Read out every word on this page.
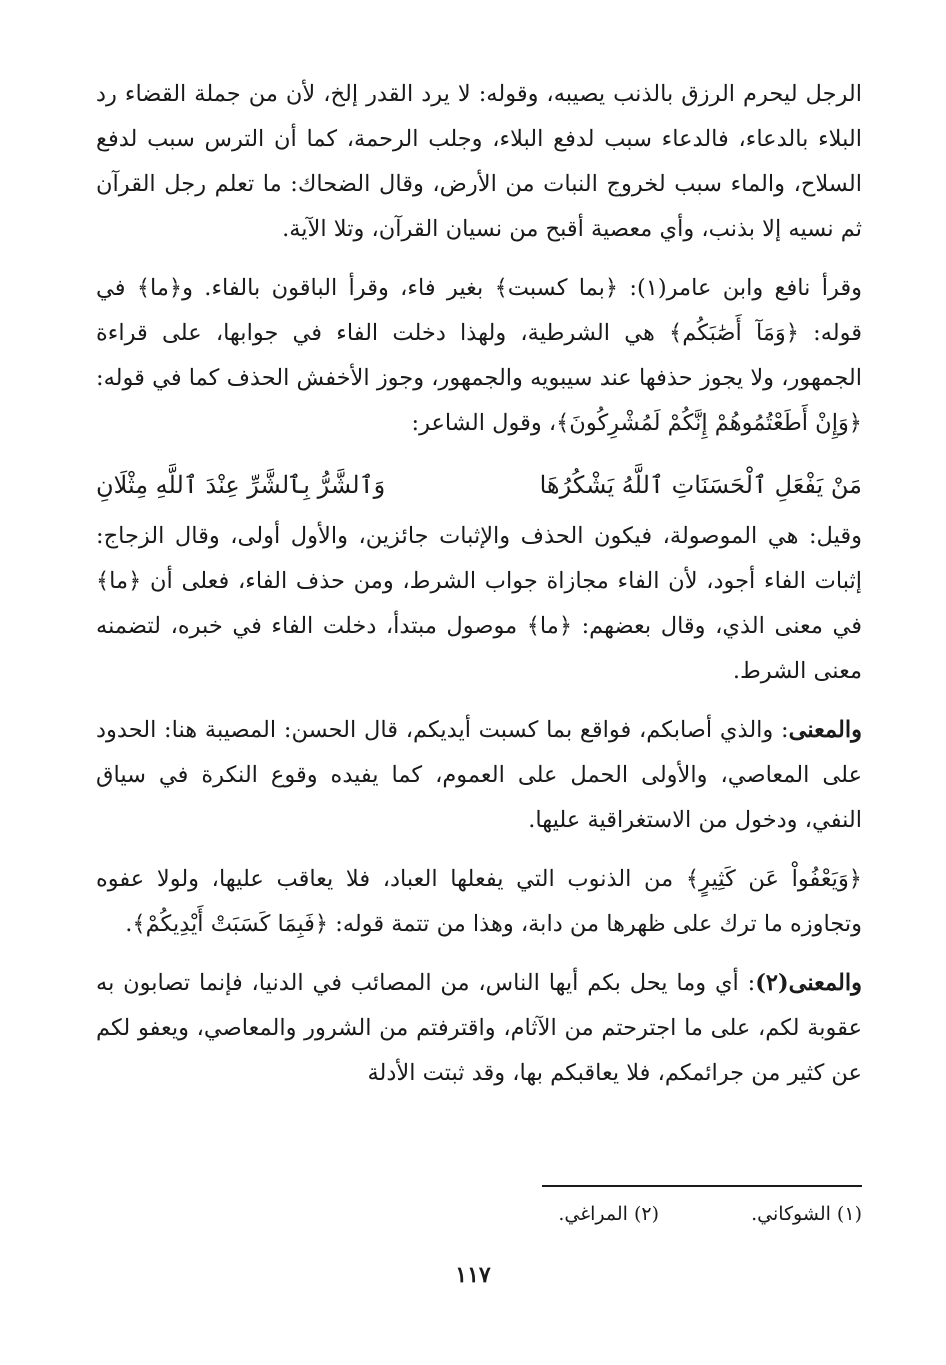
الرجل ليحرم الرزق بالذنب يصيبه، وقوله: لا يرد القدر إلخ، لأن من جملة القضاء رد البلاء بالدعاء، فالدعاء سبب لدفع البلاء، وجلب الرحمة، كما أن الترس سبب لدفع السلاح، والماء سبب لخروج النبات من الأرض، وقال الضحاك: ما تعلم رجل القرآن ثم نسيه إلا بذنب، وأي معصية أقبح من نسيان القرآن، وتلا الآية.

وقرأ نافع وابن عامر(١): ﴿بما كسبت﴾ بغير فاء، وقرأ الباقون بالفاء. و﴿ما﴾ في قوله: ﴿وَمَآ أَصَٰبَكُم﴾ هي الشرطية، ولهذا دخلت الفاء في جوابها، على قراءة الجمهور، ولا يجوز حذفها عند سيبويه والجمهور، وجوز الأخفش الحذف كما في قوله: ﴿وَإِنْ أَطَعْتُمُوهُمْ إِنَّكُمْ لَمُشْرِكُونَ﴾، وقول الشاعر:

مَنْ يَفْعَلِ ٱلْحَسَنَاتِ ٱللَّهُ يَشْكُرُهَا
وَٱلشَّرُّ بِٱلشَّرِّ عِنْدَ ٱللَّهِ مِثْلَانِ

وقيل: هي الموصولة، فيكون الحذف والإثبات جائزين، والأول أولى، وقال الزجاج: إثبات الفاء أجود، لأن الفاء مجازاة جواب الشرط، ومن حذف الفاء، فعلى أن ﴿ما﴾ في معنى الذي، وقال بعضهم: ﴿ما﴾ موصول مبتدأ، دخلت الفاء في خبره، لتضمنه معنى الشرط.

والمعنى: والذي أصابكم، فواقع بما كسبت أيديكم، قال الحسن: المصيبة هنا: الحدود على المعاصي، والأولى الحمل على العموم، كما يفيده وقوع النكرة في سياق النفي، ودخول من الاستغراقية عليها.

﴿وَيَعْفُواْ عَن كَثِيرٍ﴾ من الذنوب التي يفعلها العباد، فلا يعاقب عليها، ولولا عفوه وتجاوزه ما ترك على ظهرها من دابة، وهذا من تتمة قوله: ﴿فَبِمَا كَسَبَتْ أَيْدِيكُمْ﴾.

والمعنى(٢): أي وما يحل بكم أيها الناس، من المصائب في الدنيا، فإنما تصابون به عقوبة لكم، على ما اجترحتم من الآثام، واقترفتم من الشرور والمعاصي، ويعفو لكم عن كثير من جرائمكم، فلا يعاقبكم بها، وقد ثبتت الأدلة

(١) الشوكاني.
(٢) المراغي.
١١٧
